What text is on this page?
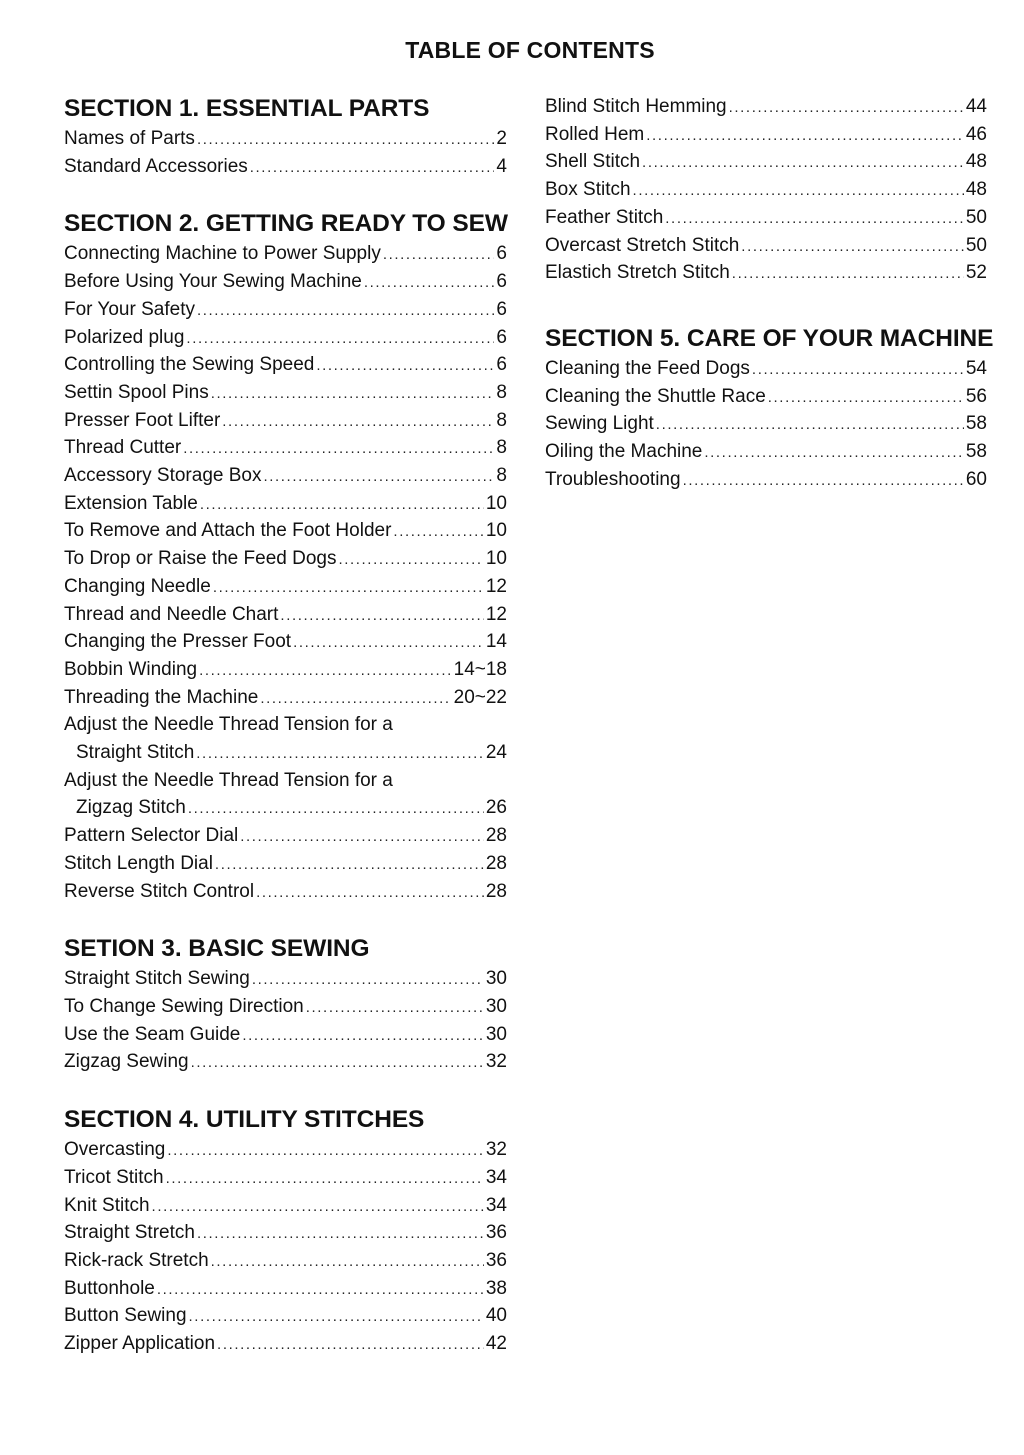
TABLE OF CONTENTS
SECTION 1. ESSENTIAL PARTS
Names of Parts .....	2
Standard Accessories .....	4
SECTION 2. GETTING READY TO SEW
Connecting Machine to Power Supply .....	6
Before Using Your Sewing Machine .....	6
For Your Safety .....	6
Polarized plug .....	6
Controlling the Sewing Speed .....	6
Settin Spool Pins .....	8
Presser Foot Lifter .....	8
Thread Cutter .....	8
Accessory Storage Box .....	8
Extension Table .....	10
To Remove and Attach the Foot Holder .....	10
To Drop or Raise the Feed Dogs .....	10
Changing Needle .....	12
Thread and Needle Chart .....	12
Changing the Presser Foot .....	14
Bobbin Winding .....	14~18
Threading the Machine .....	20~22
Adjust the Needle Thread Tension for a
Straight Stitch .....	24
Adjust the Needle Thread Tension for a
Zigzag Stitch .....	26
Pattern Selector Dial .....	28
Stitch Length Dial .....	28
Reverse Stitch Control .....	28
SETION 3. BASIC SEWING
Straight Stitch Sewing .....	30
To Change Sewing Direction .....	30
Use the Seam Guide .....	30
Zigzag Sewing .....	32
SECTION 4. UTILITY STITCHES
Overcasting .....	32
Tricot Stitch .....	34
Knit Stitch .....	34
Straight Stretch .....	36
Rick-rack Stretch .....	36
Buttonhole .....	38
Button Sewing .....	40
Zipper Application .....	42
Blind Stitch Hemming .....	44
Rolled Hem .....	46
Shell Stitch .....	48
Box Stitch .....	48
Feather Stitch .....	50
Overcast Stretch Stitch .....	50
Elastich Stretch Stitch .....	52
SECTION 5. CARE OF YOUR MACHINE
Cleaning the Feed Dogs .....	54
Cleaning the Shuttle Race .....	56
Sewing Light .....	58
Oiling the Machine .....	58
Troubleshooting .....	60
